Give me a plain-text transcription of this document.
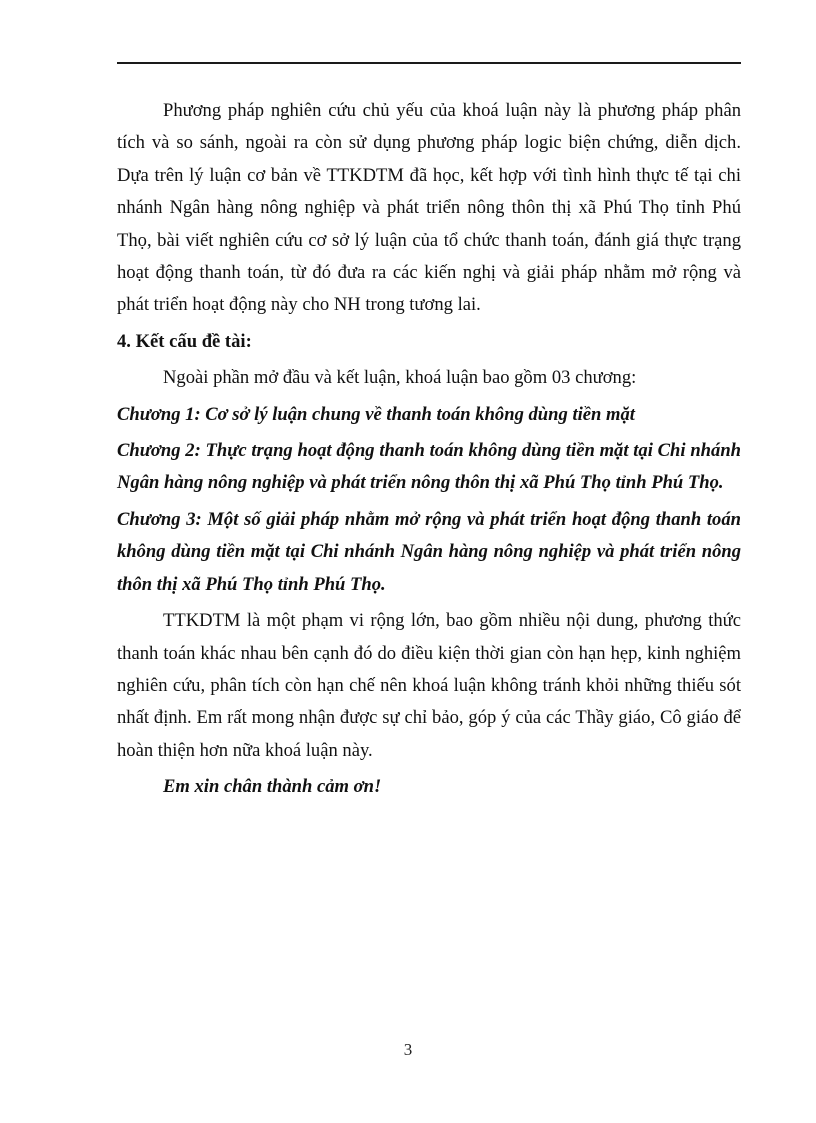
Phương pháp nghiên cứu chủ yếu của khoá luận này là phương pháp phân tích và so sánh, ngoài ra còn sử dụng phương pháp logic biện chứng, diễn dịch. Dựa trên lý luận cơ bản về TTKDTM đã học, kết hợp với tình hình thực tế tại chi nhánh Ngân hàng nông nghiệp và phát triển nông thôn thị xã Phú Thọ tỉnh Phú Thọ, bài viết nghiên cứu cơ sở lý luận của tổ chức thanh toán, đánh giá thực trạng hoạt động thanh toán, từ đó đưa ra các kiến nghị và giải pháp nhằm mở rộng và phát triển hoạt động này cho NH trong tương lai.

4. Kết cấu đề tài:

Ngoài phần mở đầu và kết luận, khoá luận bao gồm 03 chương:

Chương 1: Cơ sở lý luận chung về thanh toán không dùng tiền mặt

Chương 2: Thực trạng hoạt động thanh toán không dùng tiền mặt tại Chi nhánh Ngân hàng nông nghiệp và phát triển nông thôn thị xã Phú Thọ tỉnh Phú Thọ.

Chương 3: Một số giải pháp nhằm mở rộng và phát triển hoạt động thanh toán không dùng tiền mặt tại Chi nhánh Ngân hàng nông nghiệp và phát triển nông thôn thị xã Phú Thọ tỉnh Phú Thọ.

TTKDTM là một phạm vi rộng lớn, bao gồm nhiều nội dung, phương thức thanh toán khác nhau bên cạnh đó do điều kiện thời gian còn hạn hẹp, kinh nghiệm nghiên cứu, phân tích còn hạn chế nên khoá luận không tránh khỏi những thiếu sót nhất định. Em rất mong nhận được sự chỉ bảo, góp ý của các Thầy giáo, Cô giáo để hoàn thiện hơn nữa khoá luận này.

Em xin chân thành cảm ơn!

3
